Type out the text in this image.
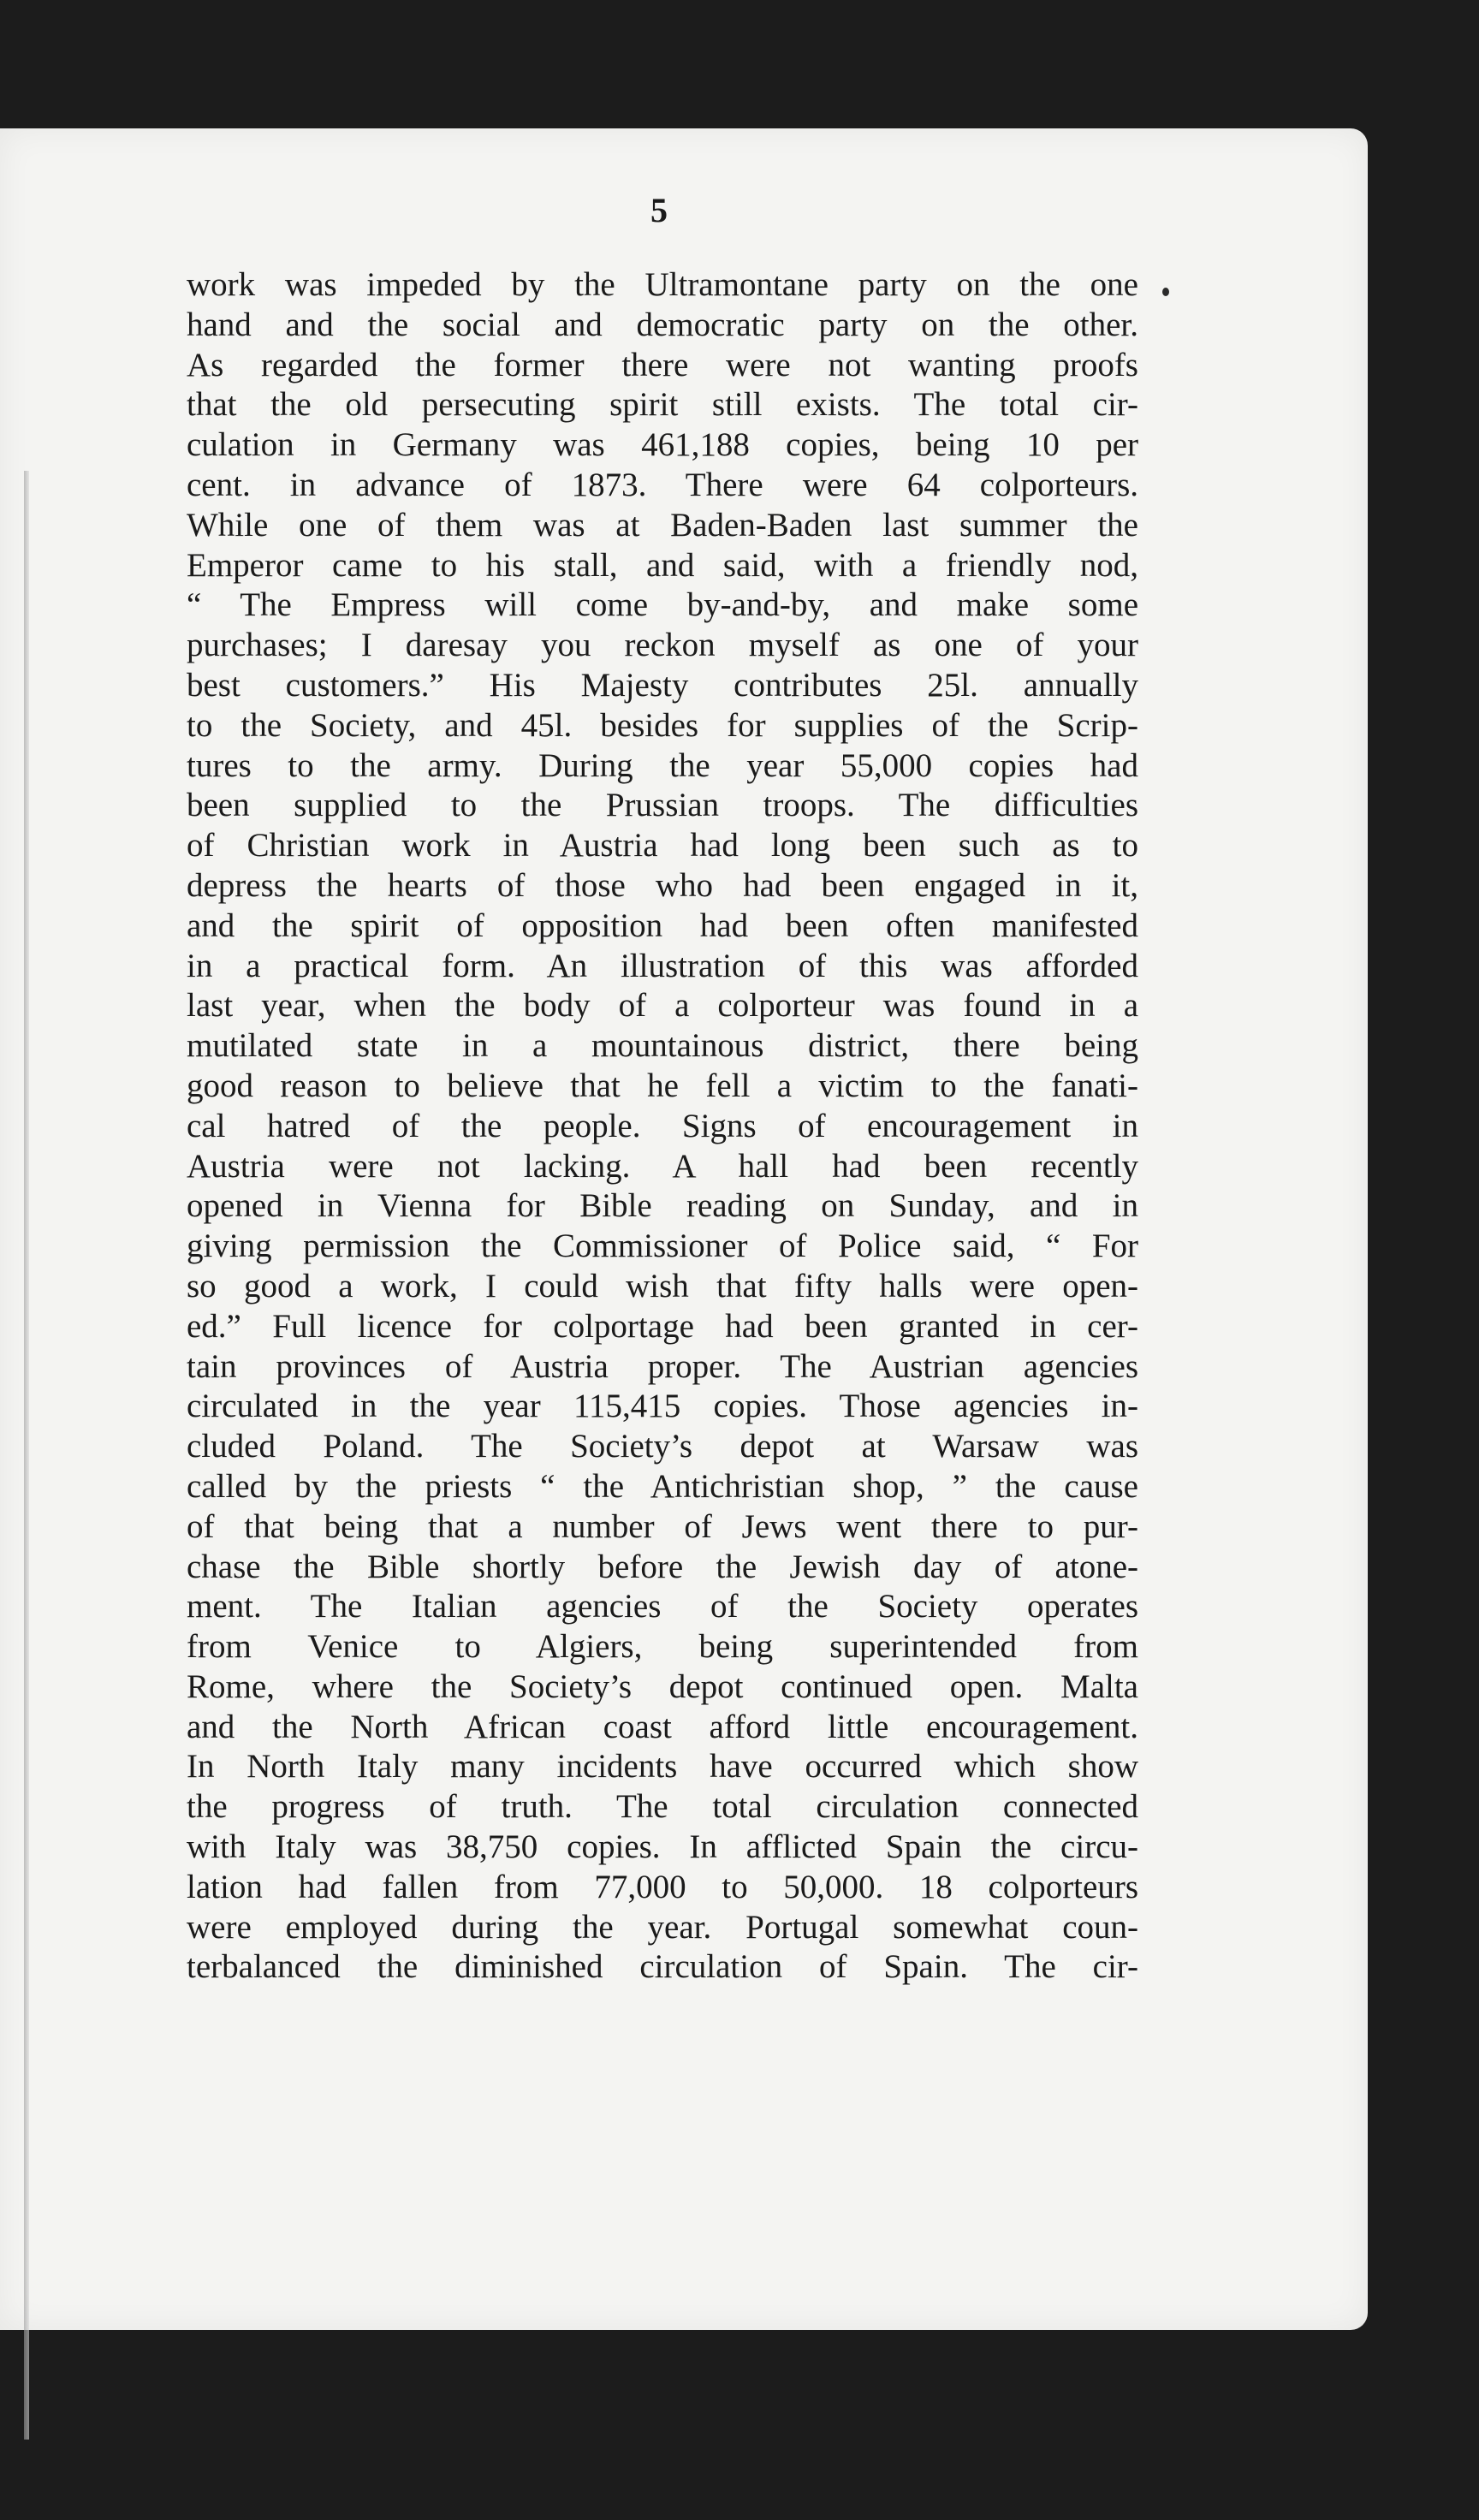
5
work was impeded by the Ultramontane party on the one
hand and the social and democratic party on the other.
As regarded the former there were not wanting proofs
that the old persecuting spirit still exists. The total cir-
culation in Germany was 461,188 copies, being 10 per
cent. in advance of 1873. There were 64 colporteurs.
While one of them was at Baden-Baden last summer the
Emperor came to his stall, and said, with a friendly nod,
“ The Empress will come by-and-by, and make some
purchases; I daresay you reckon myself as one of your
best customers.” His Majesty contributes 25l. annually
to the Society, and 45l. besides for supplies of the Scrip-
tures to the army. During the year 55,000 copies had
been supplied to the Prussian troops. The difficulties
of Christian work in Austria had long been such as to
depress the hearts of those who had been engaged in it,
and the spirit of opposition had been often manifested
in a practical form. An illustration of this was afforded
last year, when the body of a colporteur was found in a
mutilated state in a mountainous district, there being
good reason to believe that he fell a victim to the fanati-
cal hatred of the people. Signs of encouragement in
Austria were not lacking. A hall had been recently
opened in Vienna for Bible reading on Sunday, and in
giving permission the Commissioner of Police said, “ For
so good a work, I could wish that fifty halls were open-
ed.” Full licence for colportage had been granted in cer-
tain provinces of Austria proper. The Austrian agencies
circulated in the year 115,415 copies. Those agencies in-
cluded Poland. The Society’s depot at Warsaw was
called by the priests “ the Antichristian shop, ” the cause
of that being that a number of Jews went there to pur-
chase the Bible shortly before the Jewish day of atone-
ment. The Italian agencies of the Society operates
from Venice to Algiers, being superintended from
Rome, where the Society’s depot continued open. Malta
and the North African coast afford little encouragement.
In North Italy many incidents have occurred which show
the progress of truth. The total circulation connected
with Italy was 38,750 copies. In afflicted Spain the circu-
lation had fallen from 77,000 to 50,000. 18 colporteurs
were employed during the year. Portugal somewhat coun-
terbalanced the diminished circulation of Spain. The cir-
